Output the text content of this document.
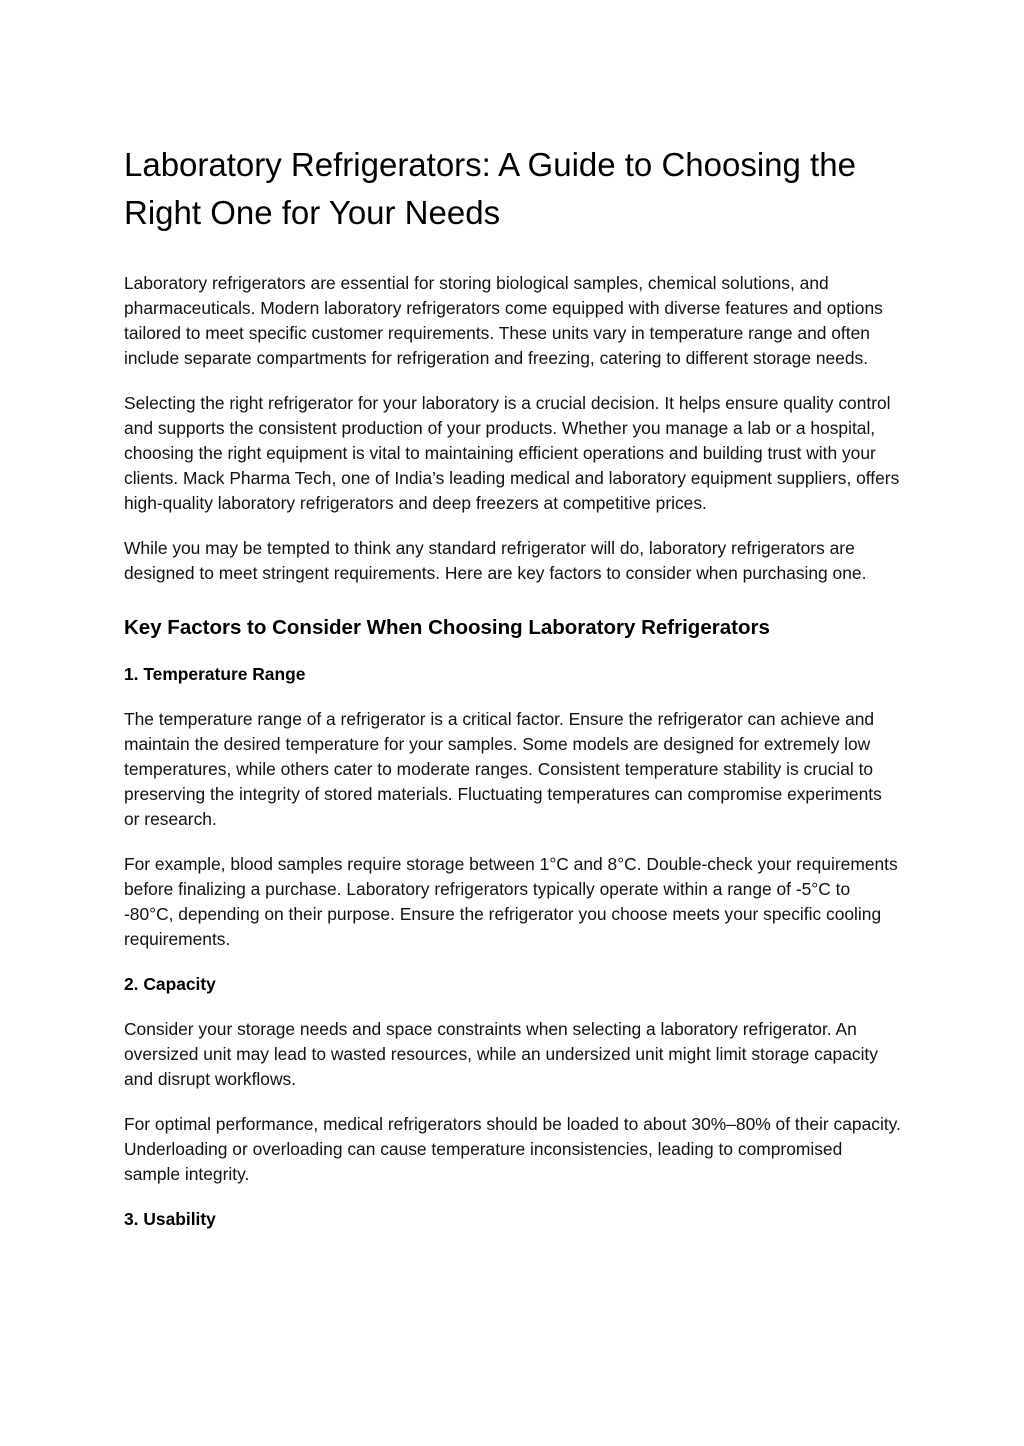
Laboratory Refrigerators: A Guide to Choosing the Right One for Your Needs

Laboratory refrigerators are essential for storing biological samples, chemical solutions, and pharmaceuticals. Modern laboratory refrigerators come equipped with diverse features and options tailored to meet specific customer requirements. These units vary in temperature range and often include separate compartments for refrigeration and freezing, catering to different storage needs.

Selecting the right refrigerator for your laboratory is a crucial decision. It helps ensure quality control and supports the consistent production of your products. Whether you manage a lab or a hospital, choosing the right equipment is vital to maintaining efficient operations and building trust with your clients. Mack Pharma Tech, one of India’s leading medical and laboratory equipment suppliers, offers high-quality laboratory refrigerators and deep freezers at competitive prices.

While you may be tempted to think any standard refrigerator will do, laboratory refrigerators are designed to meet stringent requirements. Here are key factors to consider when purchasing one.

Key Factors to Consider When Choosing Laboratory Refrigerators
1. Temperature Range

The temperature range of a refrigerator is a critical factor. Ensure the refrigerator can achieve and maintain the desired temperature for your samples. Some models are designed for extremely low temperatures, while others cater to moderate ranges. Consistent temperature stability is crucial to preserving the integrity of stored materials. Fluctuating temperatures can compromise experiments or research.

For example, blood samples require storage between 1°C and 8°C. Double-check your requirements before finalizing a purchase. Laboratory refrigerators typically operate within a range of -5°C to -80°C, depending on their purpose. Ensure the refrigerator you choose meets your specific cooling requirements.

2. Capacity

Consider your storage needs and space constraints when selecting a laboratory refrigerator. An oversized unit may lead to wasted resources, while an undersized unit might limit storage capacity and disrupt workflows.

For optimal performance, medical refrigerators should be loaded to about 30%–80% of their capacity. Underloading or overloading can cause temperature inconsistencies, leading to compromised sample integrity.

3. Usability
